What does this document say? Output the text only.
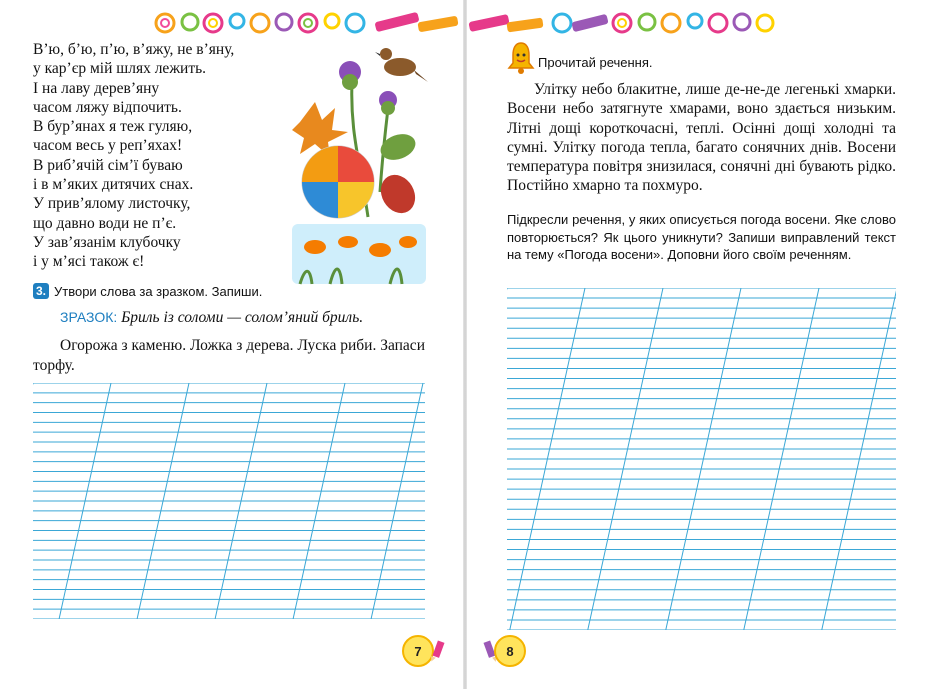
В’ю, б’ю, п’ю, в’яжу, не в’яну,
у кар’єр мій шлях лежить.
І на лаву дерев’яну
часом ляжу відпочить.
В бур’янах я теж гуляю,
часом весь у реп’яхах!
В риб’ячій сім’ї буваю
і в м’яких дитячих снах.
У прив’ялому листочку,
що давно води не п’є.
У зав’язанім клубочку
і у м’ясі також є!
3. Утвори слова за зразком. Запиши.
ЗРАЗОК: Бриль із соломи — солом’яний бриль.
Огорожа з каменю. Ложка з дерева. Луска риби. Запаси торфу.
7
Прочитай речення.

Улітку небо блакитне, лише де-не-де легенькі хмарки. Восени небо затягнуте хмарами, воно здається низьким. Літні дощі короткочасні, теплі. Осінні дощі холодні та сумні. Улітку погода тепла, багато сонячних днів. Восени температура повітря знизилася, сонячні дні бувають рідко. Постійно хмарно та похмуро.

Підкресли речення, у яких описується погода восени. Яке слово повторюється? Як цього уникнути? Запиши виправлений текст на тему «Погода восени». Доповни його своїм реченням.
8
